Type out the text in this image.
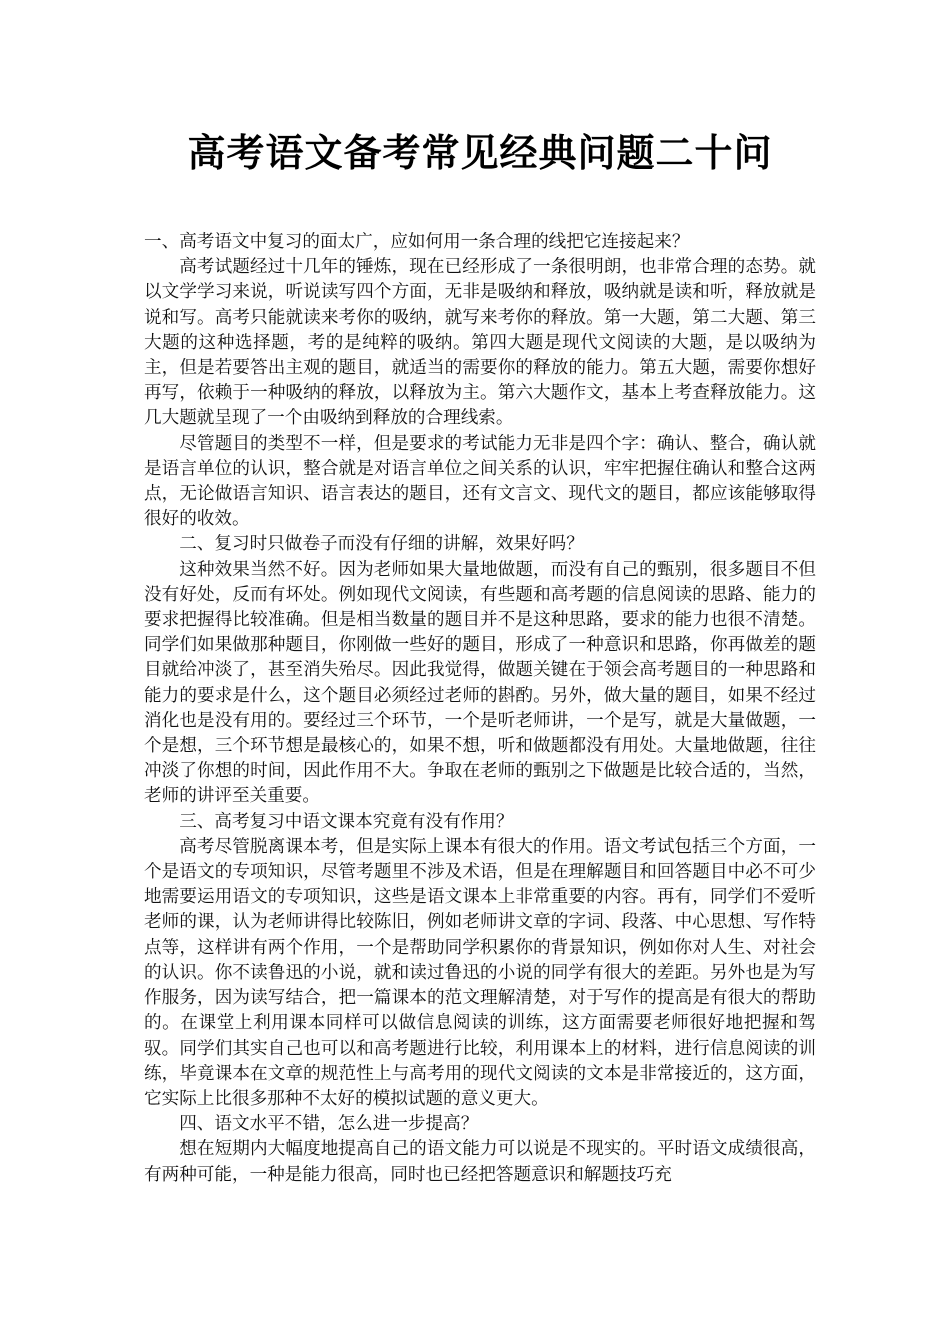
高考语文备考常见经典问题二十问

一、高考语文中复习的面太广，应如何用一条合理的线把它连接起来？

高考试题经过十几年的锤炼，现在已经形成了一条很明朗，也非常合理的态势。就以文学学习来说，听说读写四个方面，无非是吸纳和释放，吸纳就是读和听，释放就是说和写。高考只能就读来考你的吸纳，就写来考你的释放。第一大题，第二大题、第三大题的这种选择题，考的是纯粹的吸纳。第四大题是现代文阅读的大题，是以吸纳为主，但是若要答出主观的题目，就适当的需要你的释放的能力。第五大题，需要你想好再写，依赖于一种吸纳的释放，以释放为主。第六大题作文，基本上考查释放能力。这几大题就呈现了一个由吸纳到释放的合理线索。

尽管题目的类型不一样，但是要求的考试能力无非是四个字：确认、整合，确认就是语言单位的认识，整合就是对语言单位之间关系的认识，牢牢把握住确认和整合这两点，无论做语言知识、语言表达的题目，还有文言文、现代文的题目，都应该能够取得很好的收效。

二、复习时只做卷子而没有仔细的讲解，效果好吗？

这种效果当然不好。因为老师如果大量地做题，而没有自己的甄别，很多题目不但没有好处，反而有坏处。例如现代文阅读，有些题和高考题的信息阅读的思路、能力的要求把握得比较准确。但是相当数量的题目并不是这种思路，要求的能力也很不清楚。同学们如果做那种题目，你刚做一些好的题目，形成了一种意识和思路，你再做差的题目就给冲淡了，甚至消失殆尽。因此我觉得，做题关键在于领会高考题目的一种思路和能力的要求是什么，这个题目必须经过老师的斟酌。另外，做大量的题目，如果不经过消化也是没有用的。要经过三个环节，一个是听老师讲，一个是写，就是大量做题，一个是想，三个环节想是最核心的，如果不想，听和做题都没有用处。大量地做题，往往冲淡了你想的时间，因此作用不大。争取在老师的甄别之下做题是比较合适的，当然，老师的讲评至关重要。

三、高考复习中语文课本究竟有没有作用？

高考尽管脱离课本考，但是实际上课本有很大的作用。语文考试包括三个方面，一个是语文的专项知识，尽管考题里不涉及术语，但是在理解题目和回答题目中必不可少地需要运用语文的专项知识，这些是语文课本上非常重要的内容。再有，同学们不爱听老师的课，认为老师讲得比较陈旧，例如老师讲文章的字词、段落、中心思想、写作特点等，这样讲有两个作用，一个是帮助同学积累你的背景知识，例如你对人生、对社会的认识。你不读鲁迅的小说，就和读过鲁迅的小说的同学有很大的差距。另外也是为写作服务，因为读写结合，把一篇课本的范文理解清楚，对于写作的提高是有很大的帮助的。在课堂上利用课本同样可以做信息阅读的训练，这方面需要老师很好地把握和驾驭。同学们其实自己也可以和高考题进行比较，利用课本上的材料，进行信息阅读的训练，毕竟课本在文章的规范性上与高考用的现代文阅读的文本是非常接近的，这方面，它实际上比很多那种不太好的模拟试题的意义更大。

四、语文水平不错，怎么进一步提高？

想在短期内大幅度地提高自己的语文能力可以说是不现实的。平时语文成绩很高，有两种可能，一种是能力很高，同时也已经把答题意识和解题技巧充
